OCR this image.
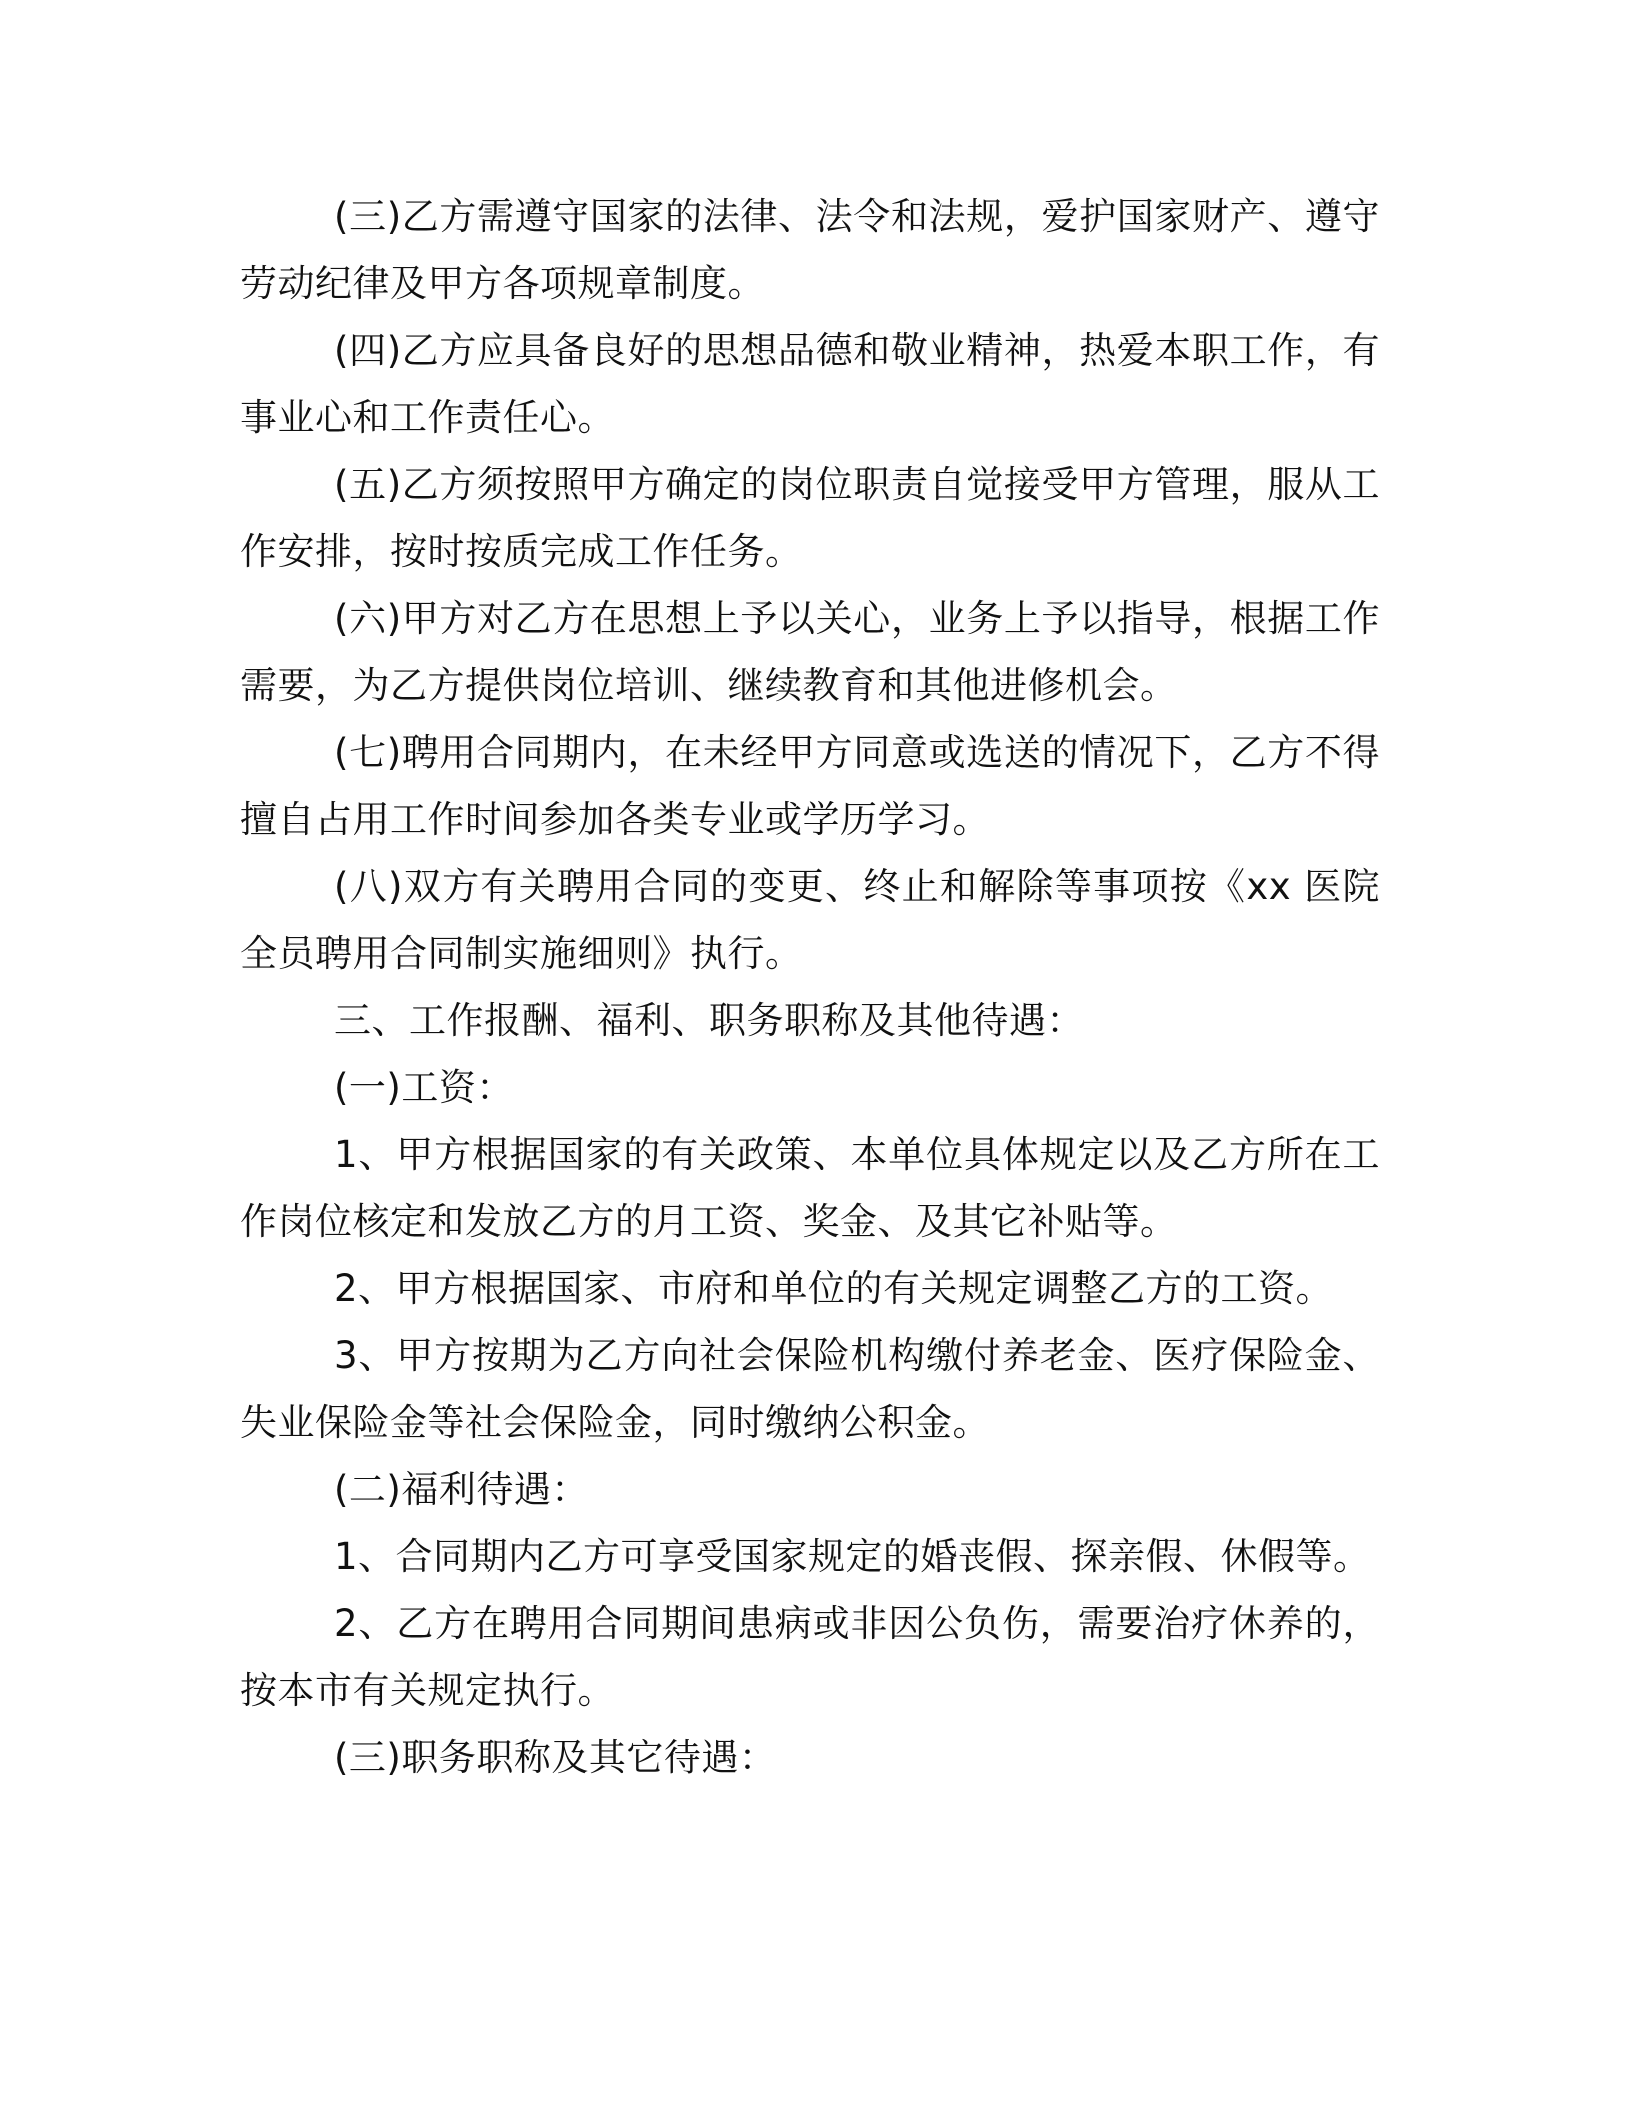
(三)乙方需遵守国家的法律、法令和法规，爱护国家财产、遵守劳动纪律及甲方各项规章制度。

(四)乙方应具备良好的思想品德和敬业精神，热爱本职工作，有事业心和工作责任心。

(五)乙方须按照甲方确定的岗位职责自觉接受甲方管理，服从工作安排，按时按质完成工作任务。

(六)甲方对乙方在思想上予以关心，业务上予以指导，根据工作需要，为乙方提供岗位培训、继续教育和其他进修机会。

(七)聘用合同期内，在未经甲方同意或选送的情况下，乙方不得擅自占用工作时间参加各类专业或学历学习。

(八)双方有关聘用合同的变更、终止和解除等事项按《xx 医院全员聘用合同制实施细则》执行。

三、工作报酬、福利、职务职称及其他待遇：

(一)工资：

1、甲方根据国家的有关政策、本单位具体规定以及乙方所在工作岗位核定和发放乙方的月工资、奖金、及其它补贴等。

2、甲方根据国家、市府和单位的有关规定调整乙方的工资。

3、甲方按期为乙方向社会保险机构缴付养老金、医疗保险金、失业保险金等社会保险金，同时缴纳公积金。

(二)福利待遇：

1、合同期内乙方可享受国家规定的婚丧假、探亲假、休假等。

2、乙方在聘用合同期间患病或非因公负伤，需要治疗休养的，按本市有关规定执行。

(三)职务职称及其它待遇：
